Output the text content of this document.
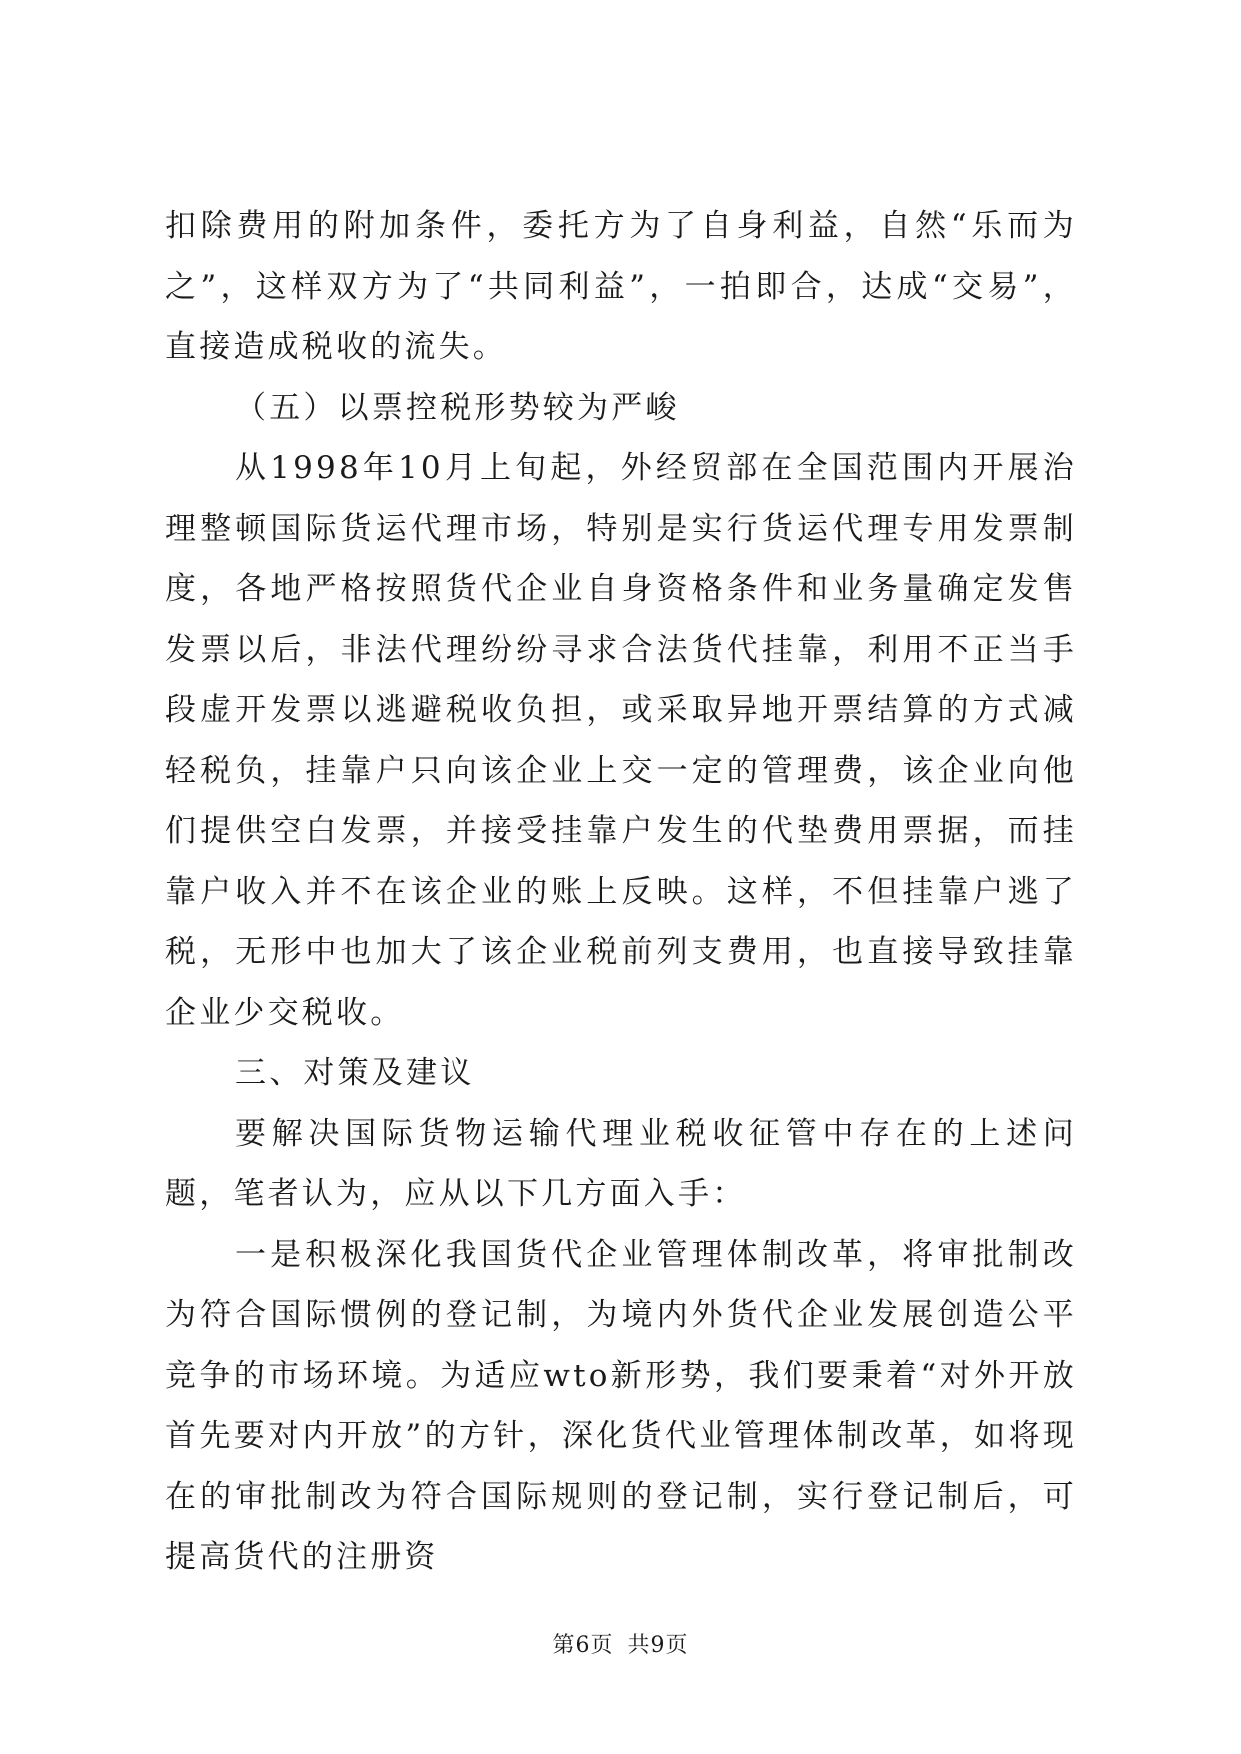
扣除费用的附加条件，委托方为了自身利益，自然“乐而为之”，这样双方为了“共同利益”，一拍即合，达成“交易”，直接造成税收的流失。

（五）以票控税形势较为严峻

从1998年10月上旬起，外经贸部在全国范围内开展治理整顿国际货运代理市场，特别是实行货运代理专用发票制度，各地严格按照货代企业自身资格条件和业务量确定发售发票以后，非法代理纷纷寻求合法货代挂靠，利用不正当手段虚开发票以逃避税收负担，或采取异地开票结算的方式减轻税负，挂靠户只向该企业上交一定的管理费，该企业向他们提供空白发票，并接受挂靠户发生的代垫费用票据，而挂靠户收入并不在该企业的账上反映。这样，不但挂靠户逃了税，无形中也加大了该企业税前列支费用，也直接导致挂靠企业少交税收。

三、对策及建议

要解决国际货物运输代理业税收征管中存在的上述问题，笔者认为，应从以下几方面入手：

一是积极深化我国货代企业管理体制改革，将审批制改为符合国际惯例的登记制，为境内外货代企业发展创造公平竞争的市场环境。为适应wto新形势，我们要秉着“对外开放首先要对内开放”的方针，深化货代业管理体制改革，如将现在的审批制改为符合国际规则的登记制，实行登记制后，可提高货代的注册资

第6页 共9页
